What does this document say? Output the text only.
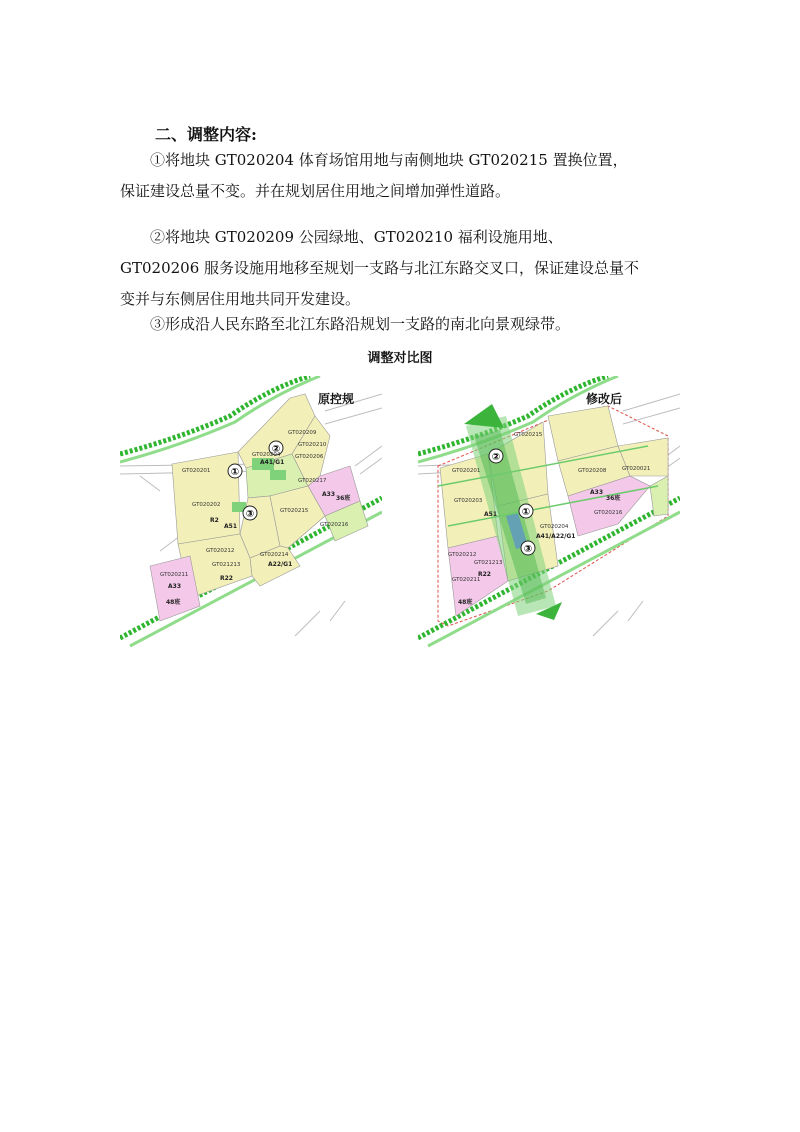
二、调整内容:
①将地块 GT020204 体育场馆用地与南侧地块 GT020215 置换位置，保证建设总量不变。并在规划居住用地之间增加弹性道路。
②将地块 GT020209 公园绿地、GT020210 福利设施用地、GT020206 服务设施用地移至规划一支路与北江东路交叉口，保证建设总量不变并与东侧居住用地共同开发建设。
③形成沿人民东路至北江东路沿规划一支路的南北向景观绿带。
调整对比图
①
②
③
GT020201
GT020204
GT020209
GT020210
GT020206
GT020217
GT020215
GT020216
GT020214
GT020212
GT021213
GT020211
GT020202
A41/G1
R2
A51
A33
A22/G1
R22
A33
36班
48班
原控规
①
②
③
GT020215
GT020208
GT020201
GT020203
GT020204
GT020212
GT021213
GT020211
GT020216
GT020021
A41/A22/G1
A51
A33
36班
48班
R22
修改后
